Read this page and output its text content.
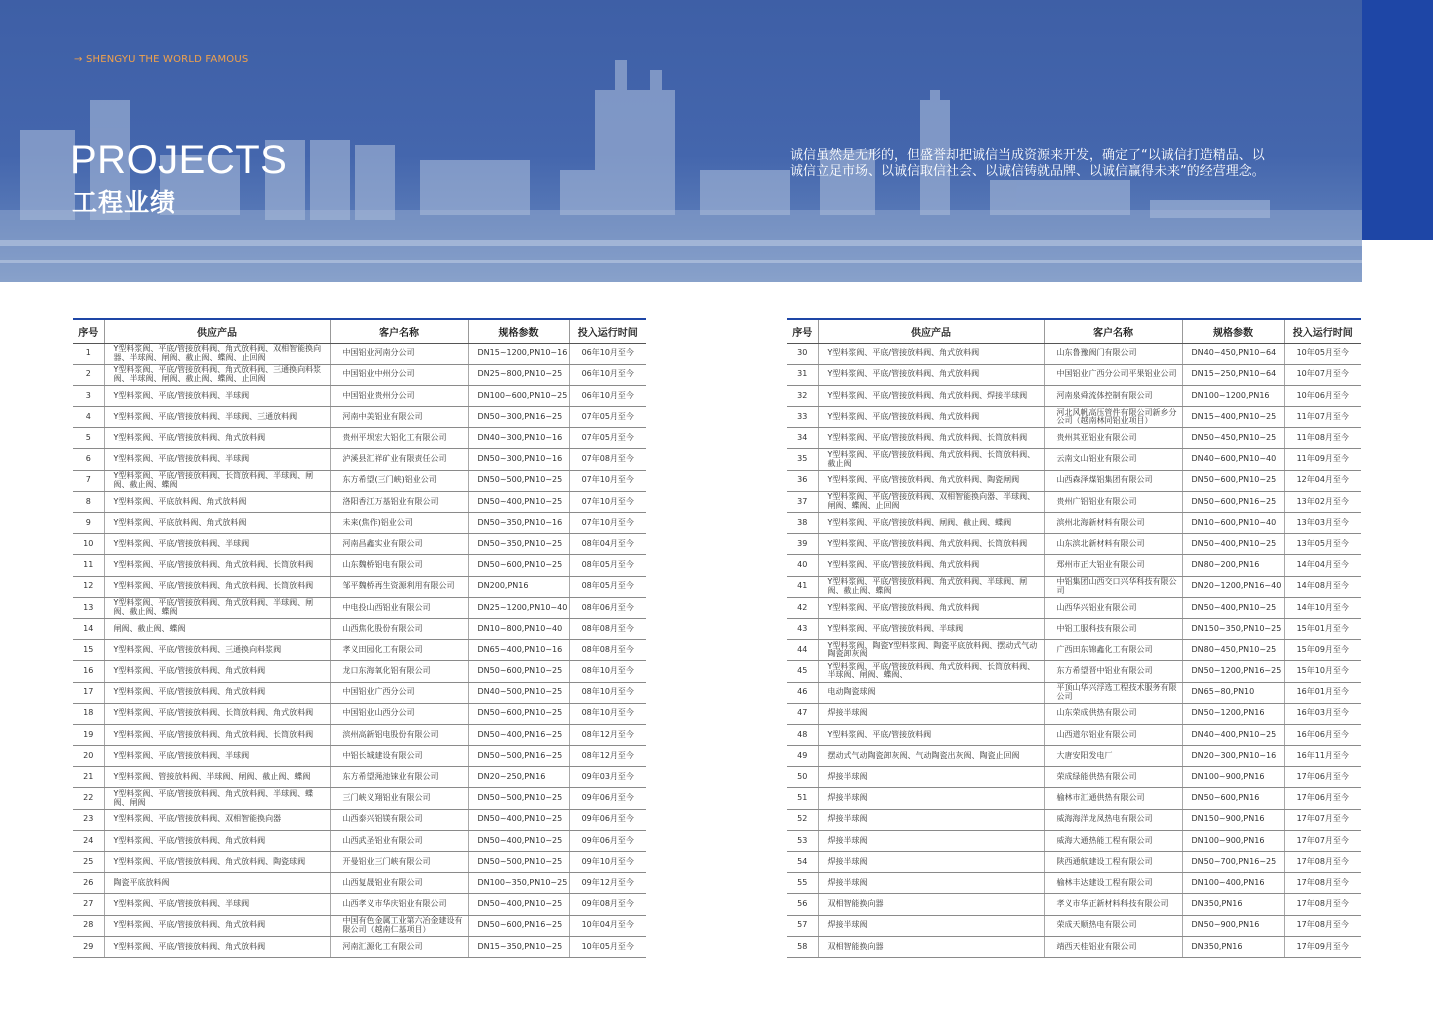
→ SHENGYU THE WORLD FAMOUS
PROJECTS
工程业绩
诚信虽然是无形的，但盛誉却把诚信当成资源来开发，确定了“以诚信打造精品、以诚信立足市场、以诚信取信社会、以诚信铸就品牌、以诚信赢得未来”的经营理念。
序号	供应产品	客户名称	规格参数	投入运行时间
1	Y型料浆阀、平底/管接放料阀、角式放料阀、双相智能换向器、半球阀、闸阀、截止阀、蝶阀、止回阀	中国铝业河南分公司	DN15~1200,PN10~16	06年10月至今
2	Y型料浆阀、平底/管接放料阀、角式放料阀、三通换向料浆阀、半球阀、闸阀、截止阀、蝶阀、止回阀	中国铝业中州分公司	DN25~800,PN10~25	06年10月至今
3	Y型料浆阀、平底/管接放料阀、半球阀	中国铝业贵州分公司	DN100~600,PN10~25	06年10月至今
4	Y型料浆阀、平底/管接放料阀、半球阀、三通放料阀	河南中美铝业有限公司	DN50~300,PN16~25	07年05月至今
5	Y型料浆阀、平底/管接放料阀、角式放料阀	贵州平坝宏大铝化工有限公司	DN40~300,PN10~16	07年05月至今
6	Y型料浆阀、平底/管接放料阀、半球阀	泸溪县汇祥矿业有限责任公司	DN50~300,PN10~16	07年08月至今
7	Y型料浆阀、平底/管接放料阀、长筒放料阀、半球阀、闸阀、截止阀、蝶阀	东方希望(三门峡)铝业公司	DN50~500,PN10~25	07年10月至今
8	Y型料浆阀、平底放料阀、角式放料阀	洛阳香江万基铝业有限公司	DN50~400,PN10~25	07年10月至今
9	Y型料浆阀、平底放料阀、角式放料阀	未来(焦作)铝业公司	DN50~350,PN10~16	07年10月至今
10	Y型料浆阀、平底/管接放料阀、半球阀	河南昌鑫实业有限公司	DN50~350,PN10~25	08年04月至今
11	Y型料浆阀、平底/管接放料阀、角式放料阀、长筒放料阀	山东魏桥铝电有限公司	DN50~600,PN10~25	08年05月至今
12	Y型料浆阀、平底/管接放料阀、角式放料阀、长筒放料阀	邹平魏桥再生资源利用有限公司	DN200,PN16	08年05月至今
13	Y型料浆阀、平底/管接放料阀、角式放料阀、半球阀、闸阀、截止阀、蝶阀	中电投山西铝业有限公司	DN25~1200,PN10~40	08年06月至今
14	闸阀、截止阀、蝶阀	山西焦化股份有限公司	DN10~800,PN10~40	08年08月至今
15	Y型料浆阀、平底/管接放料阀、三通换向料浆阀	孝义田园化工有限公司	DN65~400,PN10~16	08年08月至今
16	Y型料浆阀、平底/管接放料阀、角式放料阀	龙口东海氧化铝有限公司	DN50~600,PN10~25	08年10月至今
17	Y型料浆阀、平底/管接放料阀、角式放料阀	中国铝业广西分公司	DN40~500,PN10~25	08年10月至今
18	Y型料浆阀、平底/管接放料阀、长筒放料阀、角式放料阀	中国铝业山西分公司	DN50~600,PN10~25	08年10月至今
19	Y型料浆阀、平底/管接放料阀、角式放料阀、长筒放料阀	滨州高新铝电股份有限公司	DN50~400,PN16~25	08年12月至今
20	Y型料浆阀、平底/管接放料阀、半球阀	中铝长城建设有限公司	DN50~500,PN16~25	08年12月至今
21	Y型料浆阀、管接放料阀、半球阀、闸阀、截止阀、蝶阀	东方希望渑池铼业有限公司	DN20~250,PN16	09年03月至今
22	Y型料浆阀、平底/管接放料阀、角式放料阀、半球阀、蝶阀、闸阀	三门峡义翔铝业有限公司	DN50~500,PN10~25	09年06月至今
23	Y型料浆阀、平底/管接放料阀、双相智能换向器	山西泰兴铝镁有限公司	DN50~400,PN10~25	09年06月至今
24	Y型料浆阀、平底/管接放料阀、角式放料阀	山西武圣铝业有限公司	DN50~400,PN10~25	09年06月至今
25	Y型料浆阀、平底/管接放料阀、角式放料阀、陶瓷球阀	开曼铝业三门峡有限公司	DN50~500,PN10~25	09年10月至今
26	陶瓷平底放料阀	山西复晟铝业有限公司	DN100~350,PN10~25	09年12月至今
27	Y型料浆阀、平底/管接放料阀、半球阀	山西孝义市华庆铝业有限公司	DN50~400,PN10~25	09年08月至今
28	Y型料浆阀、平底/管接放料阀、角式放料阀	中国有色金属工业第六冶金建设有限公司（越南仁基项目）	DN50~600,PN16~25	10年04月至今
29	Y型料浆阀、平底/管接放料阀、角式放料阀	河南汇源化工有限公司	DN15~350,PN10~25	10年05月至今
序号	供应产品	客户名称	规格参数	投入运行时间
30	Y型料浆阀、平底/管接放料阀、角式放料阀	山东鲁豫阀门有限公司	DN40~450,PN10~64	10年05月至今
31	Y型料浆阀、平底/管接放料阀、角式放料阀	中国铝业广西分公司平果铝业公司	DN15~250,PN10~64	10年07月至今
32	Y型料浆阀、平底/管接放料阀、角式放料阀、焊接半球阀	河南泉舜流体控制有限公司	DN100~1200,PN16	10年06月至今
33	Y型料浆阀、平底/管接放料阀、角式放料阀	河北风帆高压管件有限公司新乡分公司（越南林同铝业项目）	DN15~400,PN10~25	11年07月至今
34	Y型料浆阀、平底/管接放料阀、角式放料阀、长筒放料阀	贵州其亚铝业有限公司	DN50~450,PN10~25	11年08月至今
35	Y型料浆阀、平底/管接放料阀、角式放料阀、长筒放料阀、截止阀	云南文山铝业有限公司	DN40~600,PN10~40	11年09月至今
36	Y型料浆阀、平底/管接放料阀、角式放料阀、陶瓷闸阀	山西森泽煤铝集团有限公司	DN50~600,PN10~25	12年04月至今
37	Y型料浆阀、平底/管接放料阀、双相智能换向器、半球阀、闸阀、蝶阀、止回阀	贵州广铝铝业有限公司	DN50~600,PN16~25	13年02月至今
38	Y型料浆阀、平底/管接放料阀、闸阀、截止阀、蝶阀	滨州北海新材料有限公司	DN10~600,PN10~40	13年03月至今
39	Y型料浆阀、平底/管接放料阀、角式放料阀、长筒放料阀	山东滨北新材料有限公司	DN50~400,PN10~25	13年05月至今
40	Y型料浆阀、平底/管接放料阀、角式放料阀	郑州市正大铝业有限公司	DN80~200,PN16	14年04月至今
41	Y型料浆阀、平底/管接放料阀、角式放料阀、半球阀、闸阀、截止阀、蝶阀	中铝集团山西交口兴华科技有限公司	DN20~1200,PN16~40	14年08月至今
42	Y型料浆阀、平底/管接放料阀、角式放料阀	山西华兴铝业有限公司	DN50~400,PN10~25	14年10月至今
43	Y型料浆阀、平底/管接放料阀、半球阀	中铝工服科技有限公司	DN150~350,PN10~25	15年01月至今
44	Y型料浆阀、陶瓷Y型料浆阀、陶瓷平底放料阀、摆动式气动陶瓷卸灰阀	广西田东锦鑫化工有限公司	DN80~450,PN10~25	15年09月至今
45	Y型料浆阀、平底/管接放料阀、角式放料阀、长筒放料阀、半球阀、闸阀、蝶阀、	东方希望晋中铝业有限公司	DN50~1200,PN16~25	15年10月至今
46	电动陶瓷球阀	平顶山华兴浮选工程技术服务有限公司	DN65~80,PN10	16年01月至今
47	焊接半球阀	山东荣成供热有限公司	DN50~1200,PN16	16年03月至今
48	Y型料浆阀、平底/管接放料阀	山西道尔铝业有限公司	DN40~400,PN10~25	16年06月至今
49	摆动式气动陶瓷卸灰阀、气动陶瓷出灰阀、陶瓷止回阀	大唐安阳发电厂	DN20~300,PN10~16	16年11月至今
50	焊接半球阀	荣成绿能供热有限公司	DN100~900,PN16	17年06月至今
51	焊接半球阀	榆林市汇通供热有限公司	DN50~600,PN16	17年06月至今
52	焊接半球阀	威海海洋龙凤热电有限公司	DN150~900,PN16	17年07月至今
53	焊接半球阀	威海大通热能工程有限公司	DN100~900,PN16	17年07月至今
54	焊接半球阀	陕西通航建设工程有限公司	DN50~700,PN16~25	17年08月至今
55	焊接半球阀	榆林丰达建设工程有限公司	DN100~400,PN16	17年08月至今
56	双相智能换向器	孝义市华正新材料科技有限公司	DN350,PN16	17年08月至今
57	焊接半球阀	荣成天顺热电有限公司	DN50~900,PN16	17年08月至今
58	双相智能换向器	靖西天桂铝业有限公司	DN350,PN16	17年09月至今
